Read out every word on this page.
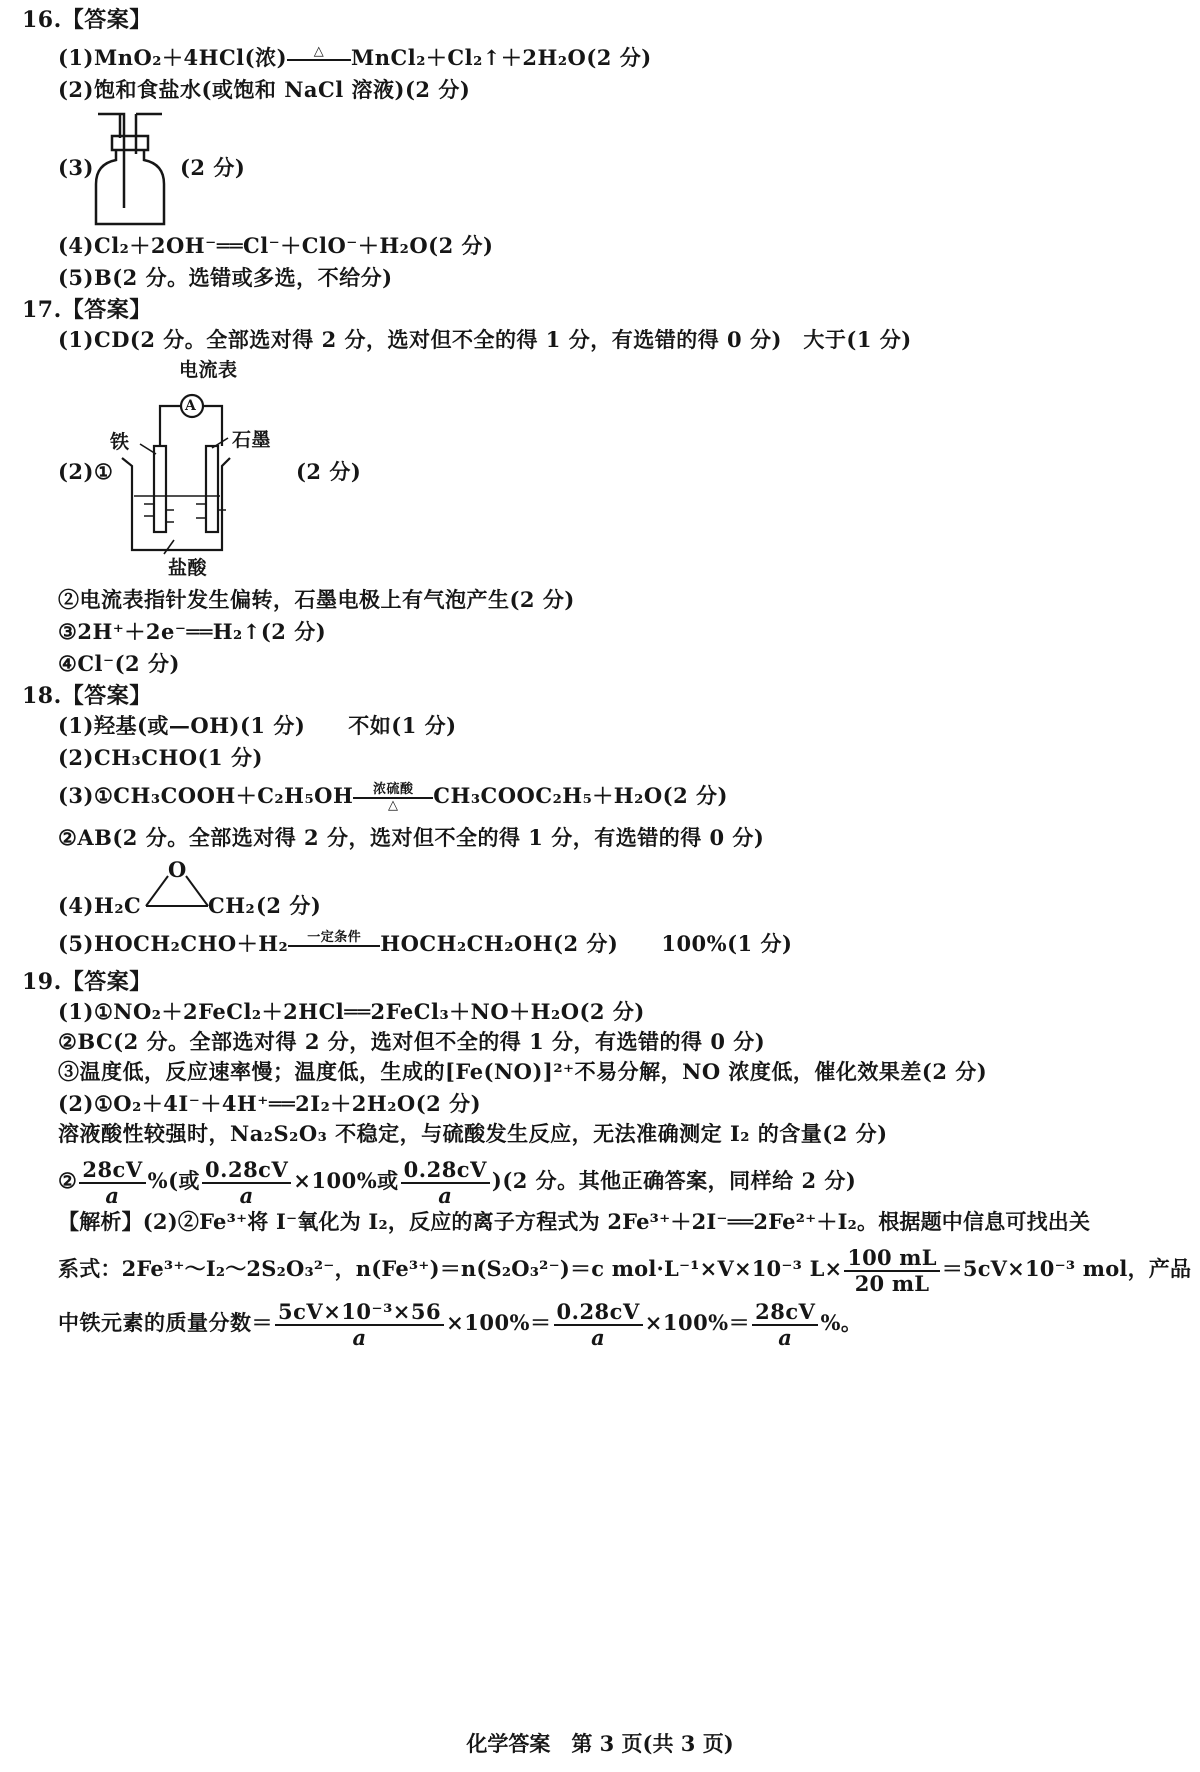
16.【答案】
(1)MnO₂＋4HCl(浓)	△
	MnCl₂＋Cl₂↑＋2H₂O(2 分)
(2)饱和食盐水(或饱和 NaCl 溶液)(2 分)
(3)	(2 分)
(4)Cl₂＋2OH⁻══Cl⁻＋ClO⁻＋H₂O(2 分)
(5)B(2 分。选错或多选，不给分)
17.【答案】
(1)CD(2 分。全部选对得 2 分，选对但不全的得 1 分，有选错的得 0 分)　大于(1 分)
电流表
A
铁	石墨
盐酸
(2)①	(2 分)
②电流表指针发生偏转，石墨电极上有气泡产生(2 分)
③2H⁺＋2e⁻══H₂↑(2 分)
④Cl⁻(2 分)
18.【答案】
(1)羟基(或—OH)(1 分)　　不如(1 分)
(2)CH₃CHO(1 分)
(3)①CH₃COOH＋C₂H₅OH	浓硫酸
△	CH₃COOC₂H₅＋H₂O(2 分)
②AB(2 分。全部选对得 2 分，选对但不全的得 1 分，有选错的得 0 分)
(4)
O
H₂C	CH₂ (2 分)
(5)HOCH₂CHO＋H₂	一定条件
HOCH₂CH₂OH(2 分)　　100%(1 分)
19.【答案】
(1)①NO₂＋2FeCl₂＋2HCl══2FeCl₃＋NO＋H₂O(2 分)
②BC(2 分。全部选对得 2 分，选对但不全的得 1 分，有选错的得 0 分)
③温度低，反应速率慢；温度低，生成的[Fe(NO)]²⁺不易分解，NO 浓度低，催化效果差(2 分)
(2)①O₂＋4I⁻＋4H⁺══2I₂＋2H₂O(2 分)
溶液酸性较强时，Na₂S₂O₃ 不稳定，与硫酸发生反应，无法准确测定 I₂ 的含量(2 分)
② $\frac{28cV}{a}$ %(或 $\frac{0.28cV}{a} \times 100\%$或 $\frac{0.28cV}{a} )(2$ 分。其他正确答案，同样给 2 分)
【解析】(2)②Fe³⁺将 I⁻氧化为 I₂，反应的离子方程式为 2Fe³⁺＋2I⁻══2Fe²⁺＋I₂。根据题中信息可找出关
系式：2Fe³⁺～I₂～2S₂O₃²⁻，n(Fe³⁺)＝n(S₂O₃²⁻)＝c mol·L⁻¹×V×10⁻³ $L\times \frac{100 mL}{20 mL} =5cV\times 10^{-3}$ mol，产品
中铁元素的质量分数＝ $\frac{\text{5cV×10⁻³×56}}{a} \times 100\%= \frac{0.28cV}{a} \times 100\%= \frac{28cV}{a}$ %。
化学答案　第 3 页(共 3 页)
